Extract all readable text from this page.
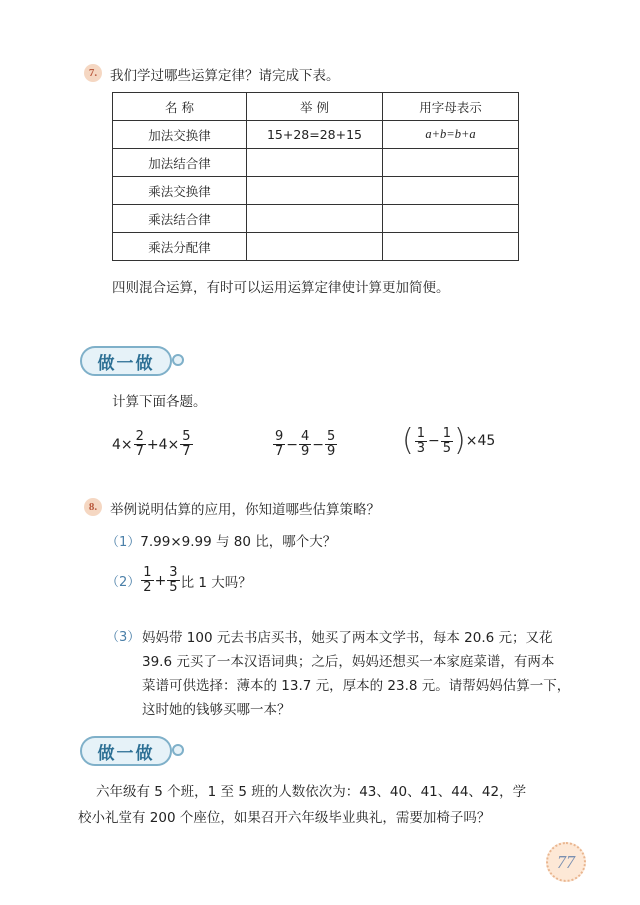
7. 我们学过哪些运算定律？请完成下表。
名 称	举 例	用字母表示
加法交换律	15+28=28+15	a+b=b+a
加法结合律		
乘法交换律		
乘法结合律		
乘法分配律		
四则混合运算，有时可以运用运算定律使计算更加简便。
做一做
计算下面各题。
$4\times \frac{2}{7} +4\times \frac{5}{7}$	$\frac{9}{7} - \frac{4}{9} - \frac{5}{9}$ ( $\frac{1}{3} - \frac{1}{5}$ ) ×45
8. 举例说明估算的应用，你知道哪些估算策略？
（1）7.99×9.99 与 80 比，哪个大？
$(2) \frac{1}{2} + \frac{3}{5}$ 比 1 大吗？
（3） 妈妈带 100 元去书店买书，她买了两本文学书，每本 20.6 元；又花
39.6 元买了一本汉语词典；之后，妈妈还想买一本家庭菜谱，有两本
菜谱可供选择：薄本的 13.7 元，厚本的 23.8 元。请帮妈妈估算一下，
这时她的钱够买哪一本？
做一做
六年级有 5 个班，1 至 5 班的人数依次为：43、40、41、44、42，学
校小礼堂有 200 个座位，如果召开六年级毕业典礼，需要加椅子吗？
77
